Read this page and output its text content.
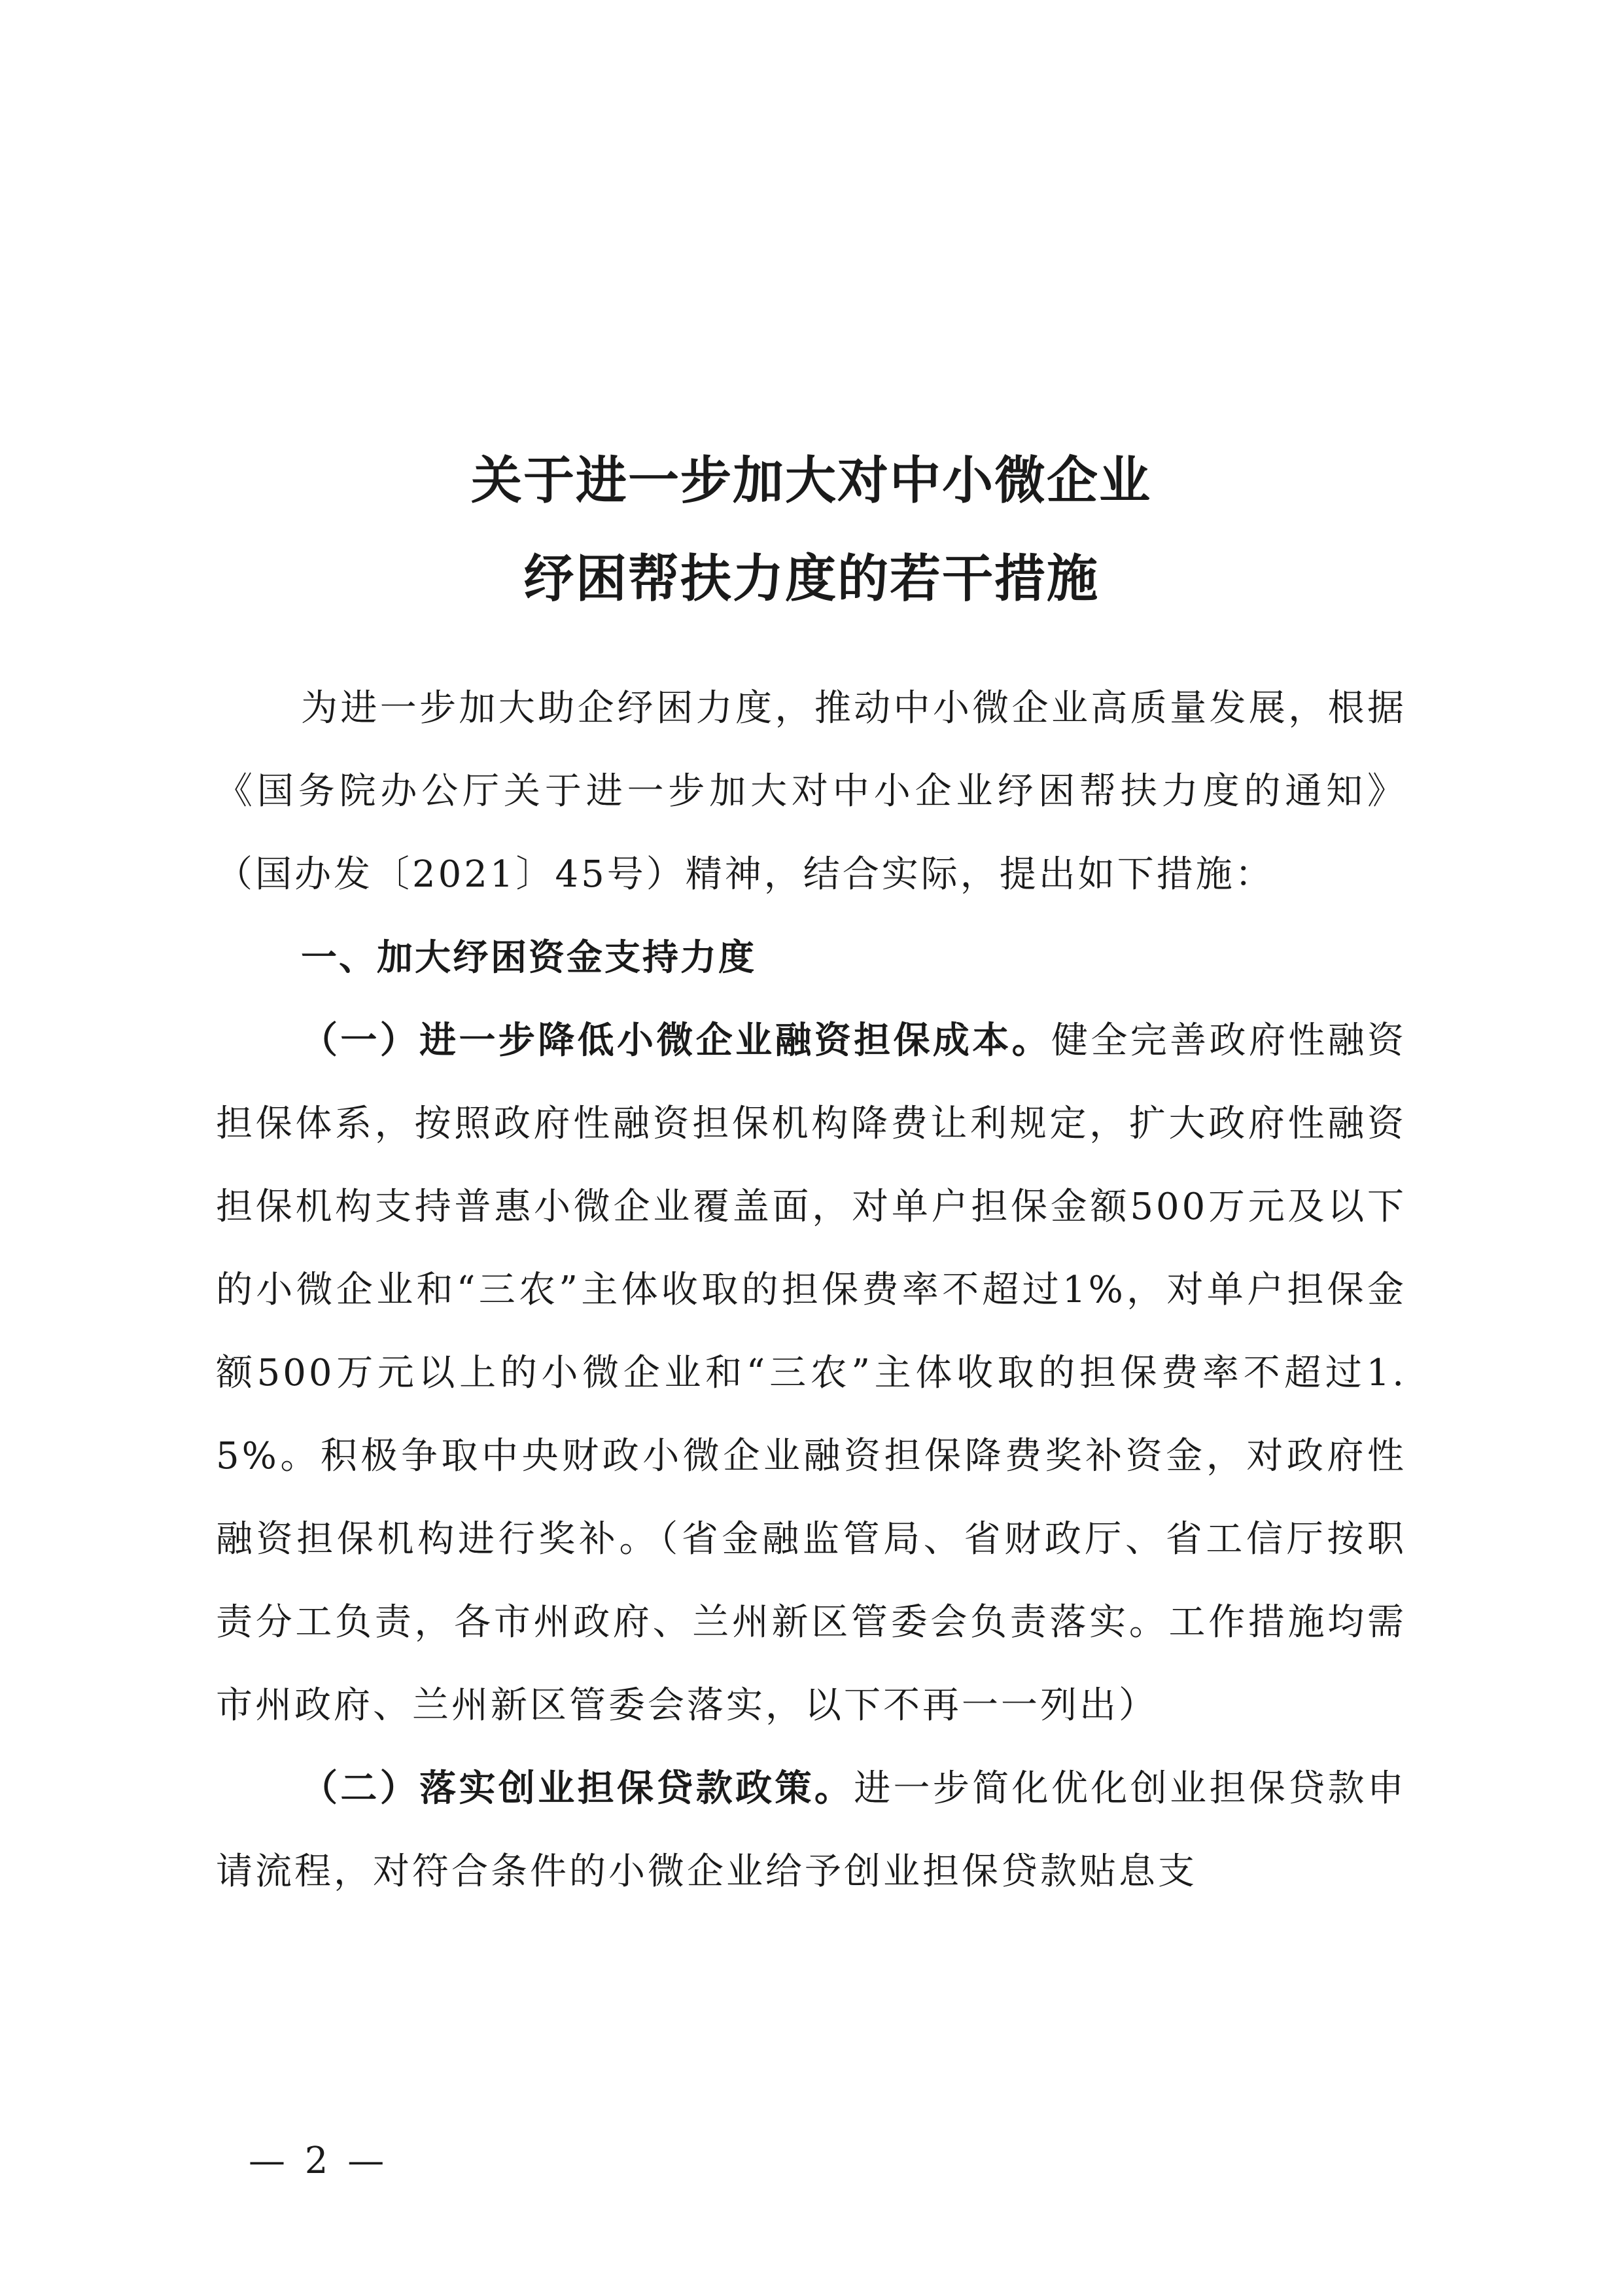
关于进一步加大对中小微企业
纾困帮扶力度的若干措施

为进一步加大助企纾困力度，推动中小微企业高质量发展，根据《国务院办公厅关于进一步加大对中小企业纾困帮扶力度的通知》（国办发〔2021〕45号）精神，结合实际，提出如下措施：

一、加大纾困资金支持力度

（一）进一步降低小微企业融资担保成本。健全完善政府性融资担保体系，按照政府性融资担保机构降费让利规定，扩大政府性融资担保机构支持普惠小微企业覆盖面，对单户担保金额500万元及以下的小微企业和“三农”主体收取的担保费率不超过1%，对单户担保金额500万元以上的小微企业和“三农”主体收取的担保费率不超过1.5%。积极争取中央财政小微企业融资担保降费奖补资金，对政府性融资担保机构进行奖补。（省金融监管局、省财政厅、省工信厅按职责分工负责，各市州政府、兰州新区管委会负责落实。工作措施均需市州政府、兰州新区管委会落实，以下不再一一列出）

（二）落实创业担保贷款政策。进一步简化优化创业担保贷款申请流程，对符合条件的小微企业给予创业担保贷款贴息支

— 2 —
